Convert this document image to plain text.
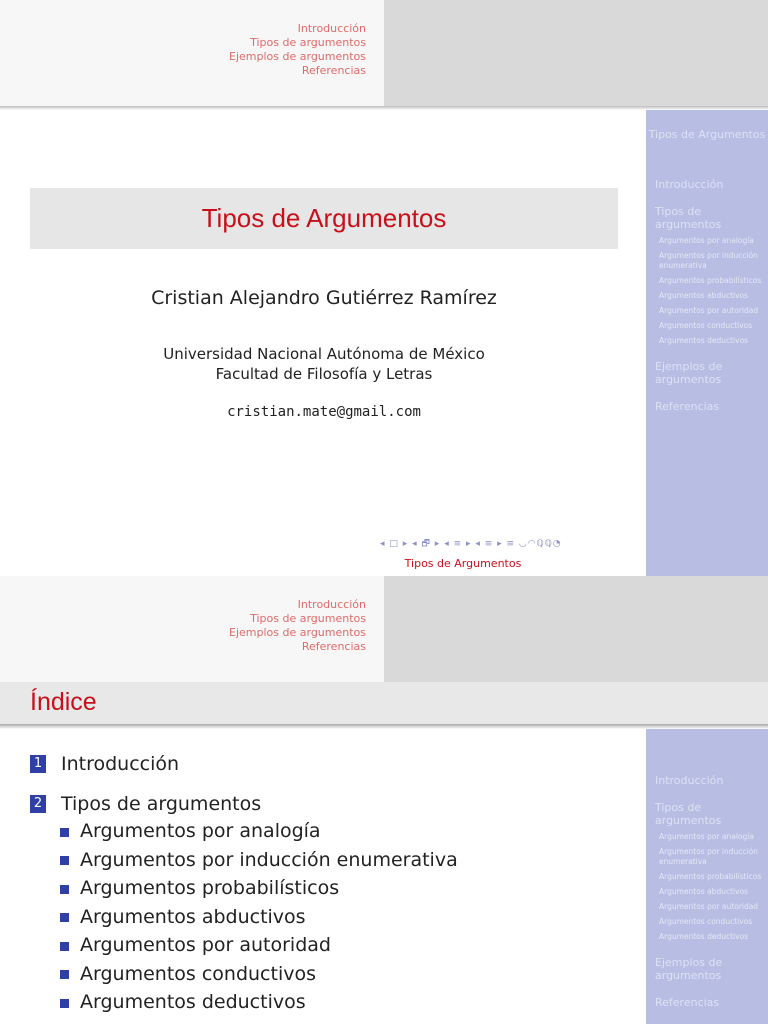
Introducción
Tipos de argumentos
Ejemplos de argumentos
Referencias
Tipos de Argumentos
Introducción
Tipos de argumentos
Argumentos por analogía
Argumentos por inducción enumerativa
Argumentos probabilísticos
Argumentos abductivos
Argumentos por autoridad
Argumentos conductivos
Argumentos deductivos
Ejemplos de argumentos
Referencias
Tipos de Argumentos
Cristian Alejandro Gutiérrez Ramírez
Universidad Nacional Autónoma de México
Facultad de Filosofía y Letras
cristian.mate@gmail.com
◂ □ ▸ ◂ 🗗 ▸ ◂ ≡ ▸ ◂ ≡ ▸ ≡ ◡◠ℚℚ◔
Tipos de Argumentos
Introducción
Tipos de argumentos
Ejemplos de argumentos
Referencias
Índice
Introducción
Tipos de argumentos
Argumentos por analogía
Argumentos por inducción enumerativa
Argumentos probabilísticos
Argumentos abductivos
Argumentos por autoridad
Argumentos conductivos
Argumentos deductivos
Ejemplos de argumentos
Referencias
1 Introducción
2 Tipos de argumentos
Argumentos por analogía
Argumentos por inducción enumerativa
Argumentos probabilísticos
Argumentos abductivos
Argumentos por autoridad
Argumentos conductivos
Argumentos deductivos
